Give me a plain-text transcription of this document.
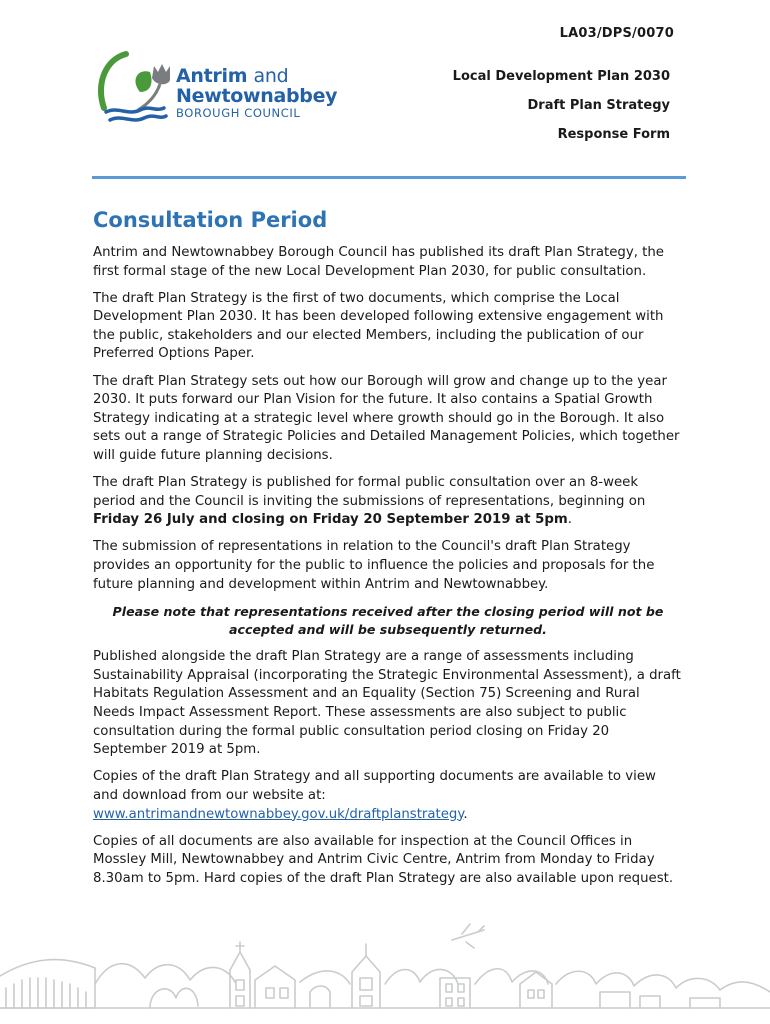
LA03/DPS/0070
Antrim and
Newtownabbey
BOROUGH COUNCIL
Local Development Plan 2030
Draft Plan Strategy
Response Form
Consultation Period

Antrim and Newtownabbey Borough Council has published its draft Plan Strategy, the first formal stage of the new Local Development Plan 2030, for public consultation.

The draft Plan Strategy is the first of two documents, which comprise the Local Development Plan 2030. It has been developed following extensive engagement with the public, stakeholders and our elected Members, including the publication of our Preferred Options Paper.

The draft Plan Strategy sets out how our Borough will grow and change up to the year 2030. It puts forward our Plan Vision for the future. It also contains a Spatial Growth Strategy indicating at a strategic level where growth should go in the Borough. It also sets out a range of Strategic Policies and Detailed Management Policies, which together will guide future planning decisions.

The draft Plan Strategy is published for formal public consultation over an 8-week period and the Council is inviting the submissions of representations, beginning on Friday 26 July and closing on Friday 20 September 2019 at 5pm.

The submission of representations in relation to the Council's draft Plan Strategy provides an opportunity for the public to influence the policies and proposals for the future planning and development within Antrim and Newtownabbey.

Please note that representations received after the closing period will not be accepted and will be subsequently returned.

Published alongside the draft Plan Strategy are a range of assessments including Sustainability Appraisal (incorporating the Strategic Environmental Assessment), a draft Habitats Regulation Assessment and an Equality (Section 75) Screening and Rural Needs Impact Assessment Report. These assessments are also subject to public consultation during the formal public consultation period closing on Friday 20 September 2019 at 5pm.

Copies of the draft Plan Strategy and all supporting documents are available to view and download from our website at: www.antrimandnewtownabbey.gov.uk/draftplanstrategy.

Copies of all documents are also available for inspection at the Council Offices in Mossley Mill, Newtownabbey and Antrim Civic Centre, Antrim from Monday to Friday 8.30am to 5pm. Hard copies of the draft Plan Strategy are also available upon request.
